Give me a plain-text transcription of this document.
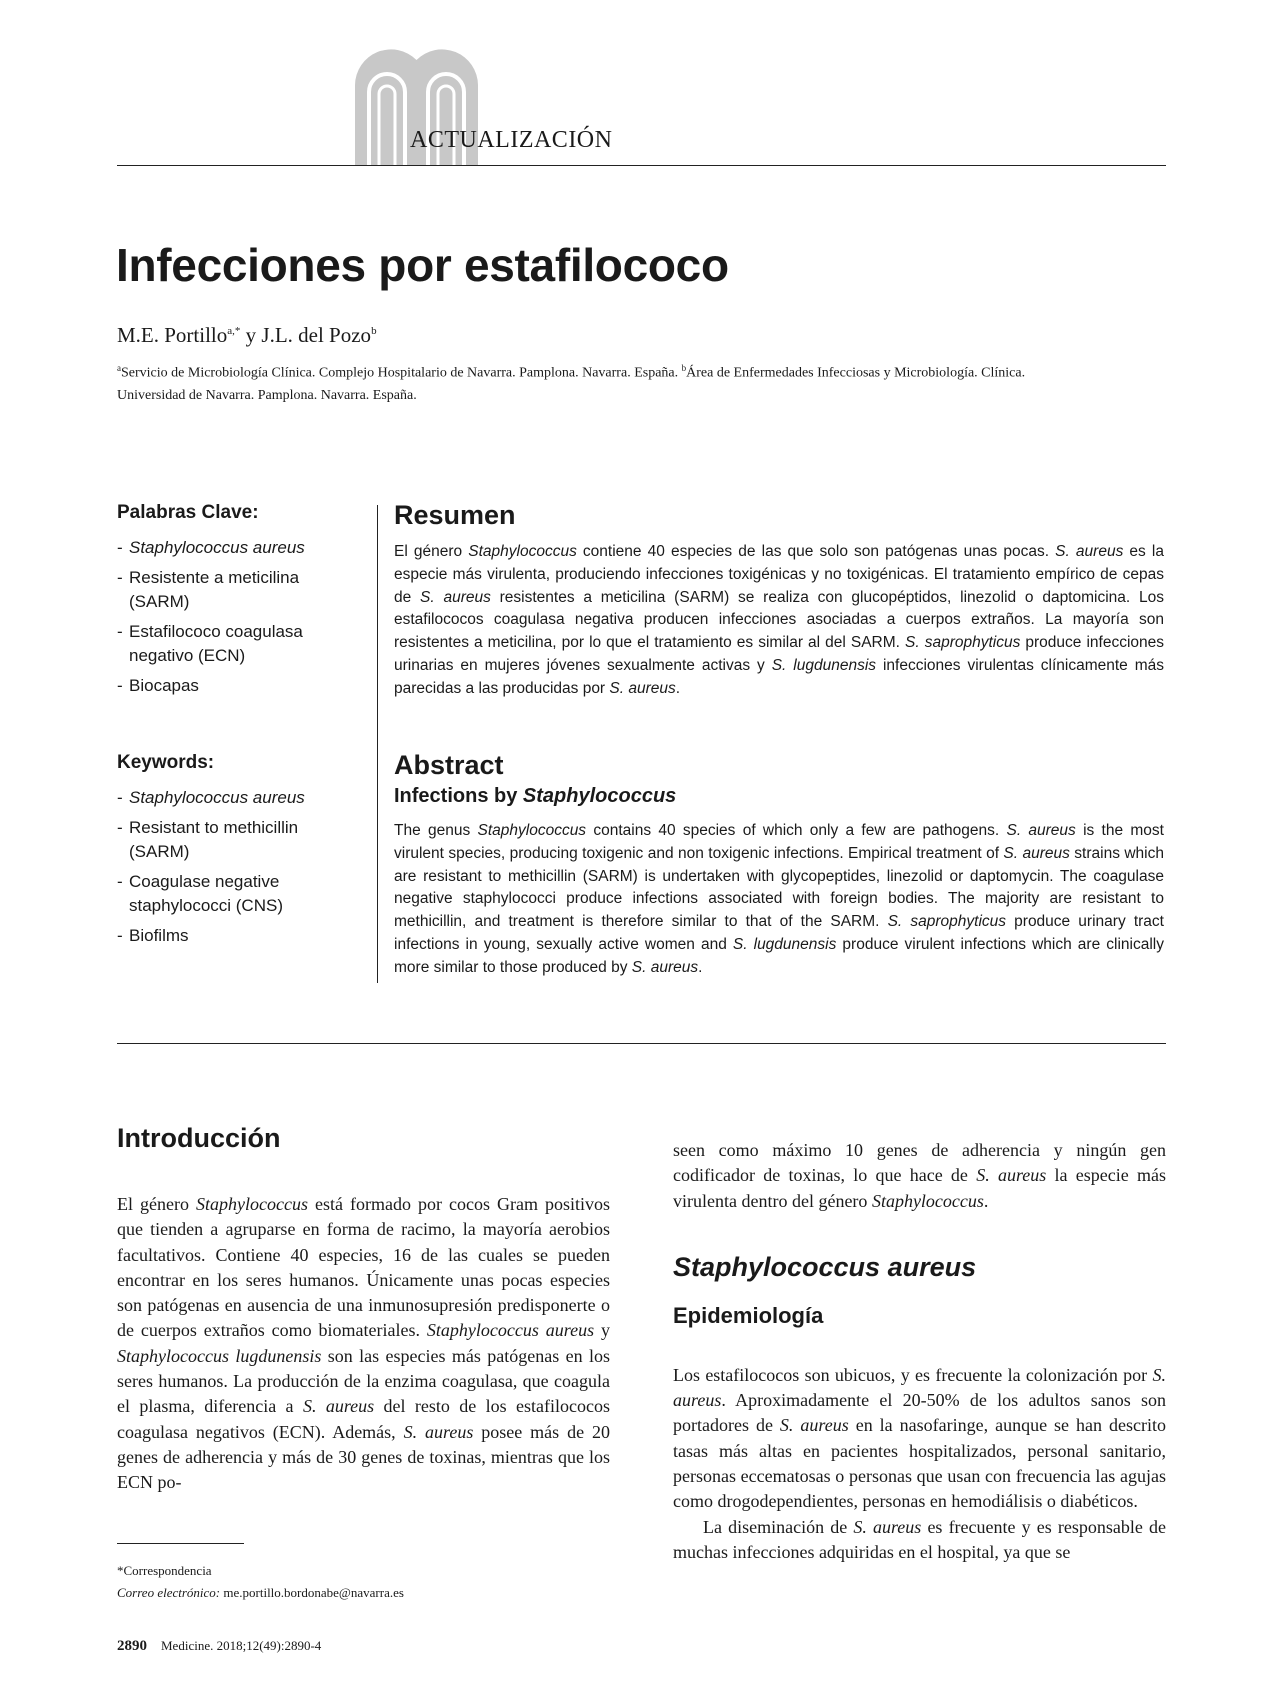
ACTUALIZACIÓN
Infecciones por estafilococo
M.E. Portillo$^{a,*}$ y J.L. del Pozo$^b$
$^a$Servicio de Microbiología Clínica. Complejo Hospitalario de Navarra. Pamplona. Navarra. España. $^b$Área de Enfermedades Infecciosas y Microbiología. Clínica.
Universidad de Navarra. Pamplona. Navarra. España.
Palabras Clave:
- Staphylococcus aureus
- Resistente a meticilina (SARM)
- Estafilococo coagulasa negativo (ECN)
- Biocapas
Keywords:
- Staphylococcus aureus
- Resistant to methicillin (SARM)
- Coagulase negative staphylococci (CNS)
- Biofilms
Resumen

El género Staphylococcus contiene 40 especies de las que solo son patógenas unas pocas. S. aureus es la especie más virulenta, produciendo infecciones toxigénicas y no toxigénicas. El tratamiento empírico de cepas de S. aureus resistentes a meticilina (SARM) se realiza con glucopéptidos, linezolid o daptomicina. Los estafilococos coagulasa negativa producen infecciones asociadas a cuerpos extraños. La mayoría son resistentes a meticilina, por lo que el tratamiento es similar al del SARM. S. saprophyticus produce infecciones urinarias en mujeres jóvenes sexualmente activas y S. lugdunensis infecciones virulentas clínicamente más parecidas a las producidas por S. aureus.

Abstract
Infections by Staphylococcus

The genus Staphylococcus contains 40 species of which only a few are pathogens. S. aureus is the most virulent species, producing toxigenic and non toxigenic infections. Empirical treatment of S. aureus strains which are resistant to methicillin (SARM) is undertaken with glycopeptides, linezolid or daptomycin. The coagulase negative staphylococci produce infections associated with foreign bodies. The majority are resistant to methicillin, and treatment is therefore similar to that of the SARM. S. saprophyticus produce urinary tract infections in young, sexually active women and S. lugdunensis produce virulent infections which are clinically more similar to those produced by S. aureus.

Introducción

El género Staphylococcus está formado por cocos Gram positivos que tienden a agruparse en forma de racimo, la mayoría aerobios facultativos. Contiene 40 especies, 16 de las cuales se pueden encontrar en los seres humanos. Únicamente unas pocas especies son patógenas en ausencia de una inmunosupresión predisponerte o de cuerpos extraños como biomateriales. Staphylococcus aureus y Staphylococcus lugdunensis son las especies más patógenas en los seres humanos. La producción de la enzima coagulasa, que coagula el plasma, diferencia a S. aureus del resto de los estafilococos coagulasa negativos (ECN). Además, S. aureus posee más de 20 genes de adherencia y más de 30 genes de toxinas, mientras que los ECN po-

seen como máximo 10 genes de adherencia y ningún gen codificador de toxinas, lo que hace de S. aureus la especie más virulenta dentro del género Staphylococcus.

Staphylococcus aureus
Epidemiología

Los estafilococos son ubicuos, y es frecuente la colonización por S. aureus. Aproximadamente el 20-50% de los adultos sanos son portadores de S. aureus en la nasofaringe, aunque se han descrito tasas más altas en pacientes hospitalizados, personal sanitario, personas eccematosas o personas que usan con frecuencia las agujas como drogodependientes, personas en hemodiálisis o diabéticos.

La diseminación de S. aureus es frecuente y es responsable de muchas infecciones adquiridas en el hospital, ya que se

*Correspondencia
Correo electrónico: me.portillo.bordonabe@navarra.es
2890 Medicine. 2018;12(49):2890-4
